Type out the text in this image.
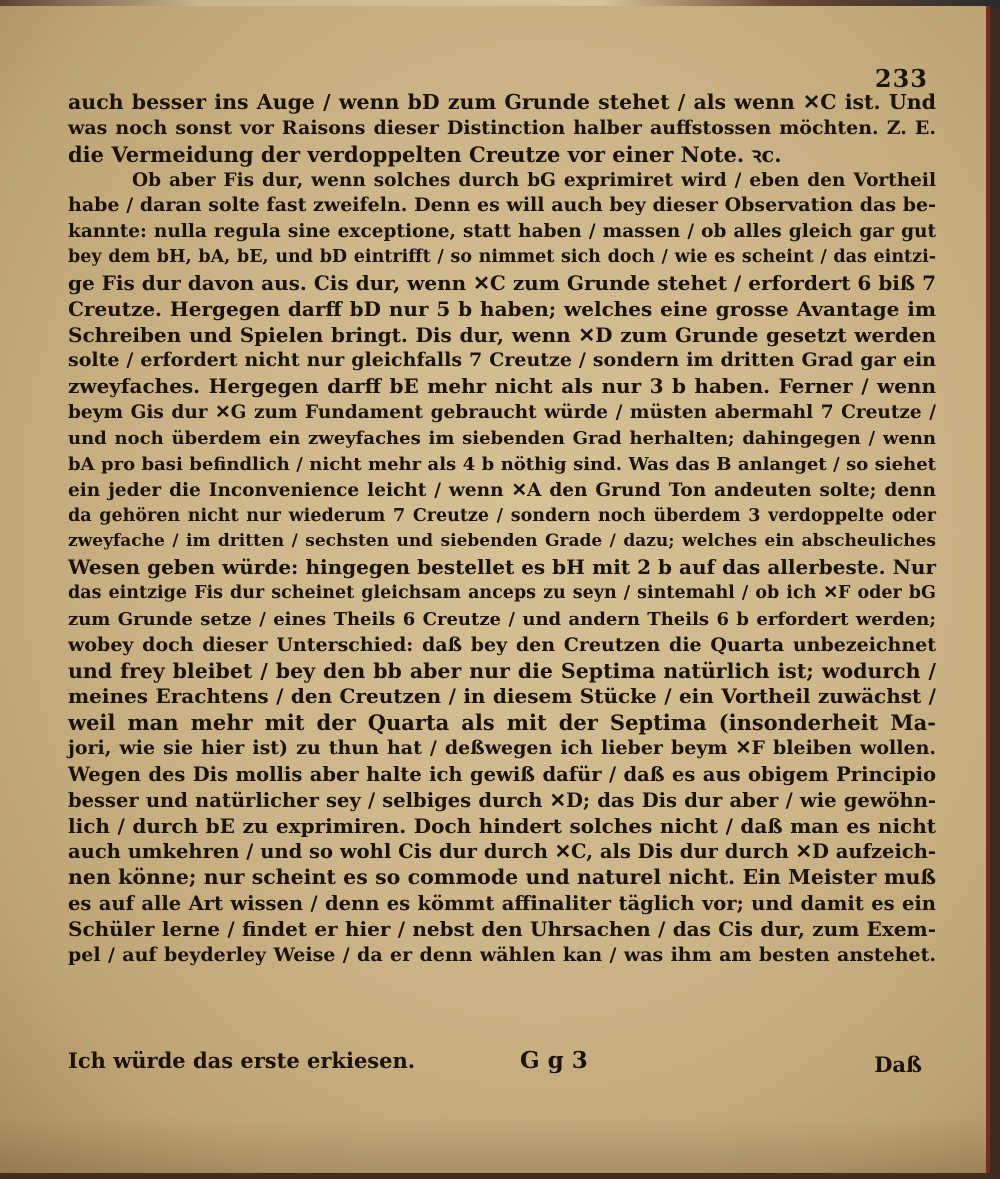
233
auch besser ins Auge / wenn bD zum Grunde stehet / als wenn ✕C ist. Und
was noch sonst vor Raisons dieser Distinction halber auffstossen möchten. Z. E.
die Vermeidung der verdoppelten Creutze vor einer Note. ꝛc.
Ob aber Fis dur, wenn solches durch bG exprimiret wird / eben den Vortheil
habe / daran solte fast zweifeln. Denn es will auch bey dieser Observation das be-
kannte: nulla regula sine exceptione, statt haben / massen / ob alles gleich gar gut
bey dem bH, bA, bE, und bD eintrifft / so nimmet sich doch / wie es scheint / das eintzi-
ge Fis dur davon aus. Cis dur, wenn ✕C zum Grunde stehet / erfordert 6 biß 7
Creutze. Hergegen darff bD nur 5 b haben; welches eine grosse Avantage im
Schreiben und Spielen bringt. Dis dur, wenn ✕D zum Grunde gesetzt werden
solte / erfordert nicht nur gleichfalls 7 Creutze / sondern im dritten Grad gar ein
zweyfaches. Hergegen darff bE mehr nicht als nur 3 b haben. Ferner / wenn
beym Gis dur ✕G zum Fundament gebraucht würde / müsten abermahl 7 Creutze /
und noch überdem ein zweyfaches im siebenden Grad herhalten; dahingegen / wenn
bA pro basi befindlich / nicht mehr als 4 b nöthig sind. Was das B anlanget / so siehet
ein jeder die Inconvenience leicht / wenn ✕A den Grund Ton andeuten solte; denn
da gehören nicht nur wiederum 7 Creutze / sondern noch überdem 3 verdoppelte oder
zweyfache / im dritten / sechsten und siebenden Grade / dazu; welches ein abscheuliches
Wesen geben würde: hingegen bestellet es bH mit 2 b auf das allerbeste. Nur
das eintzige Fis dur scheinet gleichsam anceps zu seyn / sintemahl / ob ich ✕F oder bG
zum Grunde setze / eines Theils 6 Creutze / und andern Theils 6 b erfordert werden;
wobey doch dieser Unterschied: daß bey den Creutzen die Quarta unbezeichnet
und frey bleibet / bey den bb aber nur die Septima natürlich ist; wodurch /
meines Erachtens / den Creutzen / in diesem Stücke / ein Vortheil zuwächst /
weil man mehr mit der Quarta als mit der Septima (insonderheit Ma-
jori, wie sie hier ist) zu thun hat / deßwegen ich lieber beym ✕F bleiben wollen.
Wegen des Dis mollis aber halte ich gewiß dafür / daß es aus obigem Principio
besser und natürlicher sey / selbiges durch ✕D; das Dis dur aber / wie gewöhn-
lich / durch bE zu exprimiren. Doch hindert solches nicht / daß man es nicht
auch umkehren / und so wohl Cis dur durch ✕C, als Dis dur durch ✕D aufzeich-
nen könne; nur scheint es so commode und naturel nicht. Ein Meister muß
es auf alle Art wissen / denn es kömmt affinaliter täglich vor; und damit es ein
Schüler lerne / findet er hier / nebst den Uhrsachen / das Cis dur, zum Exem-
pel / auf beyderley Weise / da er denn wählen kan / was ihm am besten anstehet.
Ich würde das erste erkiesen.	G g 3	Daß
